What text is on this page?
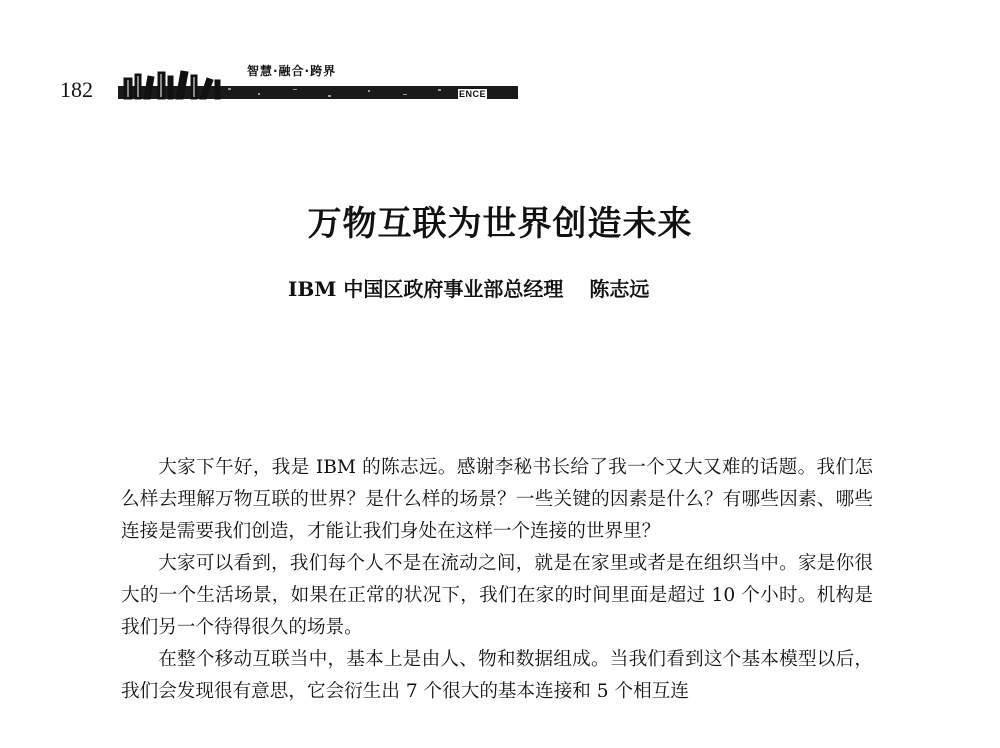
182
智慧·融合·跨界
ENCE
万物互联为世界创造未来
IBM 中国区政府事业部总经理 陈志远

大家下午好，我是 IBM 的陈志远。感谢李秘书长给了我一个又大又难的话题。我们怎么样去理解万物互联的世界？是什么样的场景？一些关键的因素是什么？有哪些因素、哪些连接是需要我们创造，才能让我们身处在这样一个连接的世界里？

大家可以看到，我们每个人不是在流动之间，就是在家里或者是在组织当中。家是你很大的一个生活场景，如果在正常的状况下，我们在家的时间里面是超过 10 个小时。机构是我们另一个待得很久的场景。

在整个移动互联当中，基本上是由人、物和数据组成。当我们看到这个基本模型以后，我们会发现很有意思，它会衍生出 7 个很大的基本连接和 5 个相互连
